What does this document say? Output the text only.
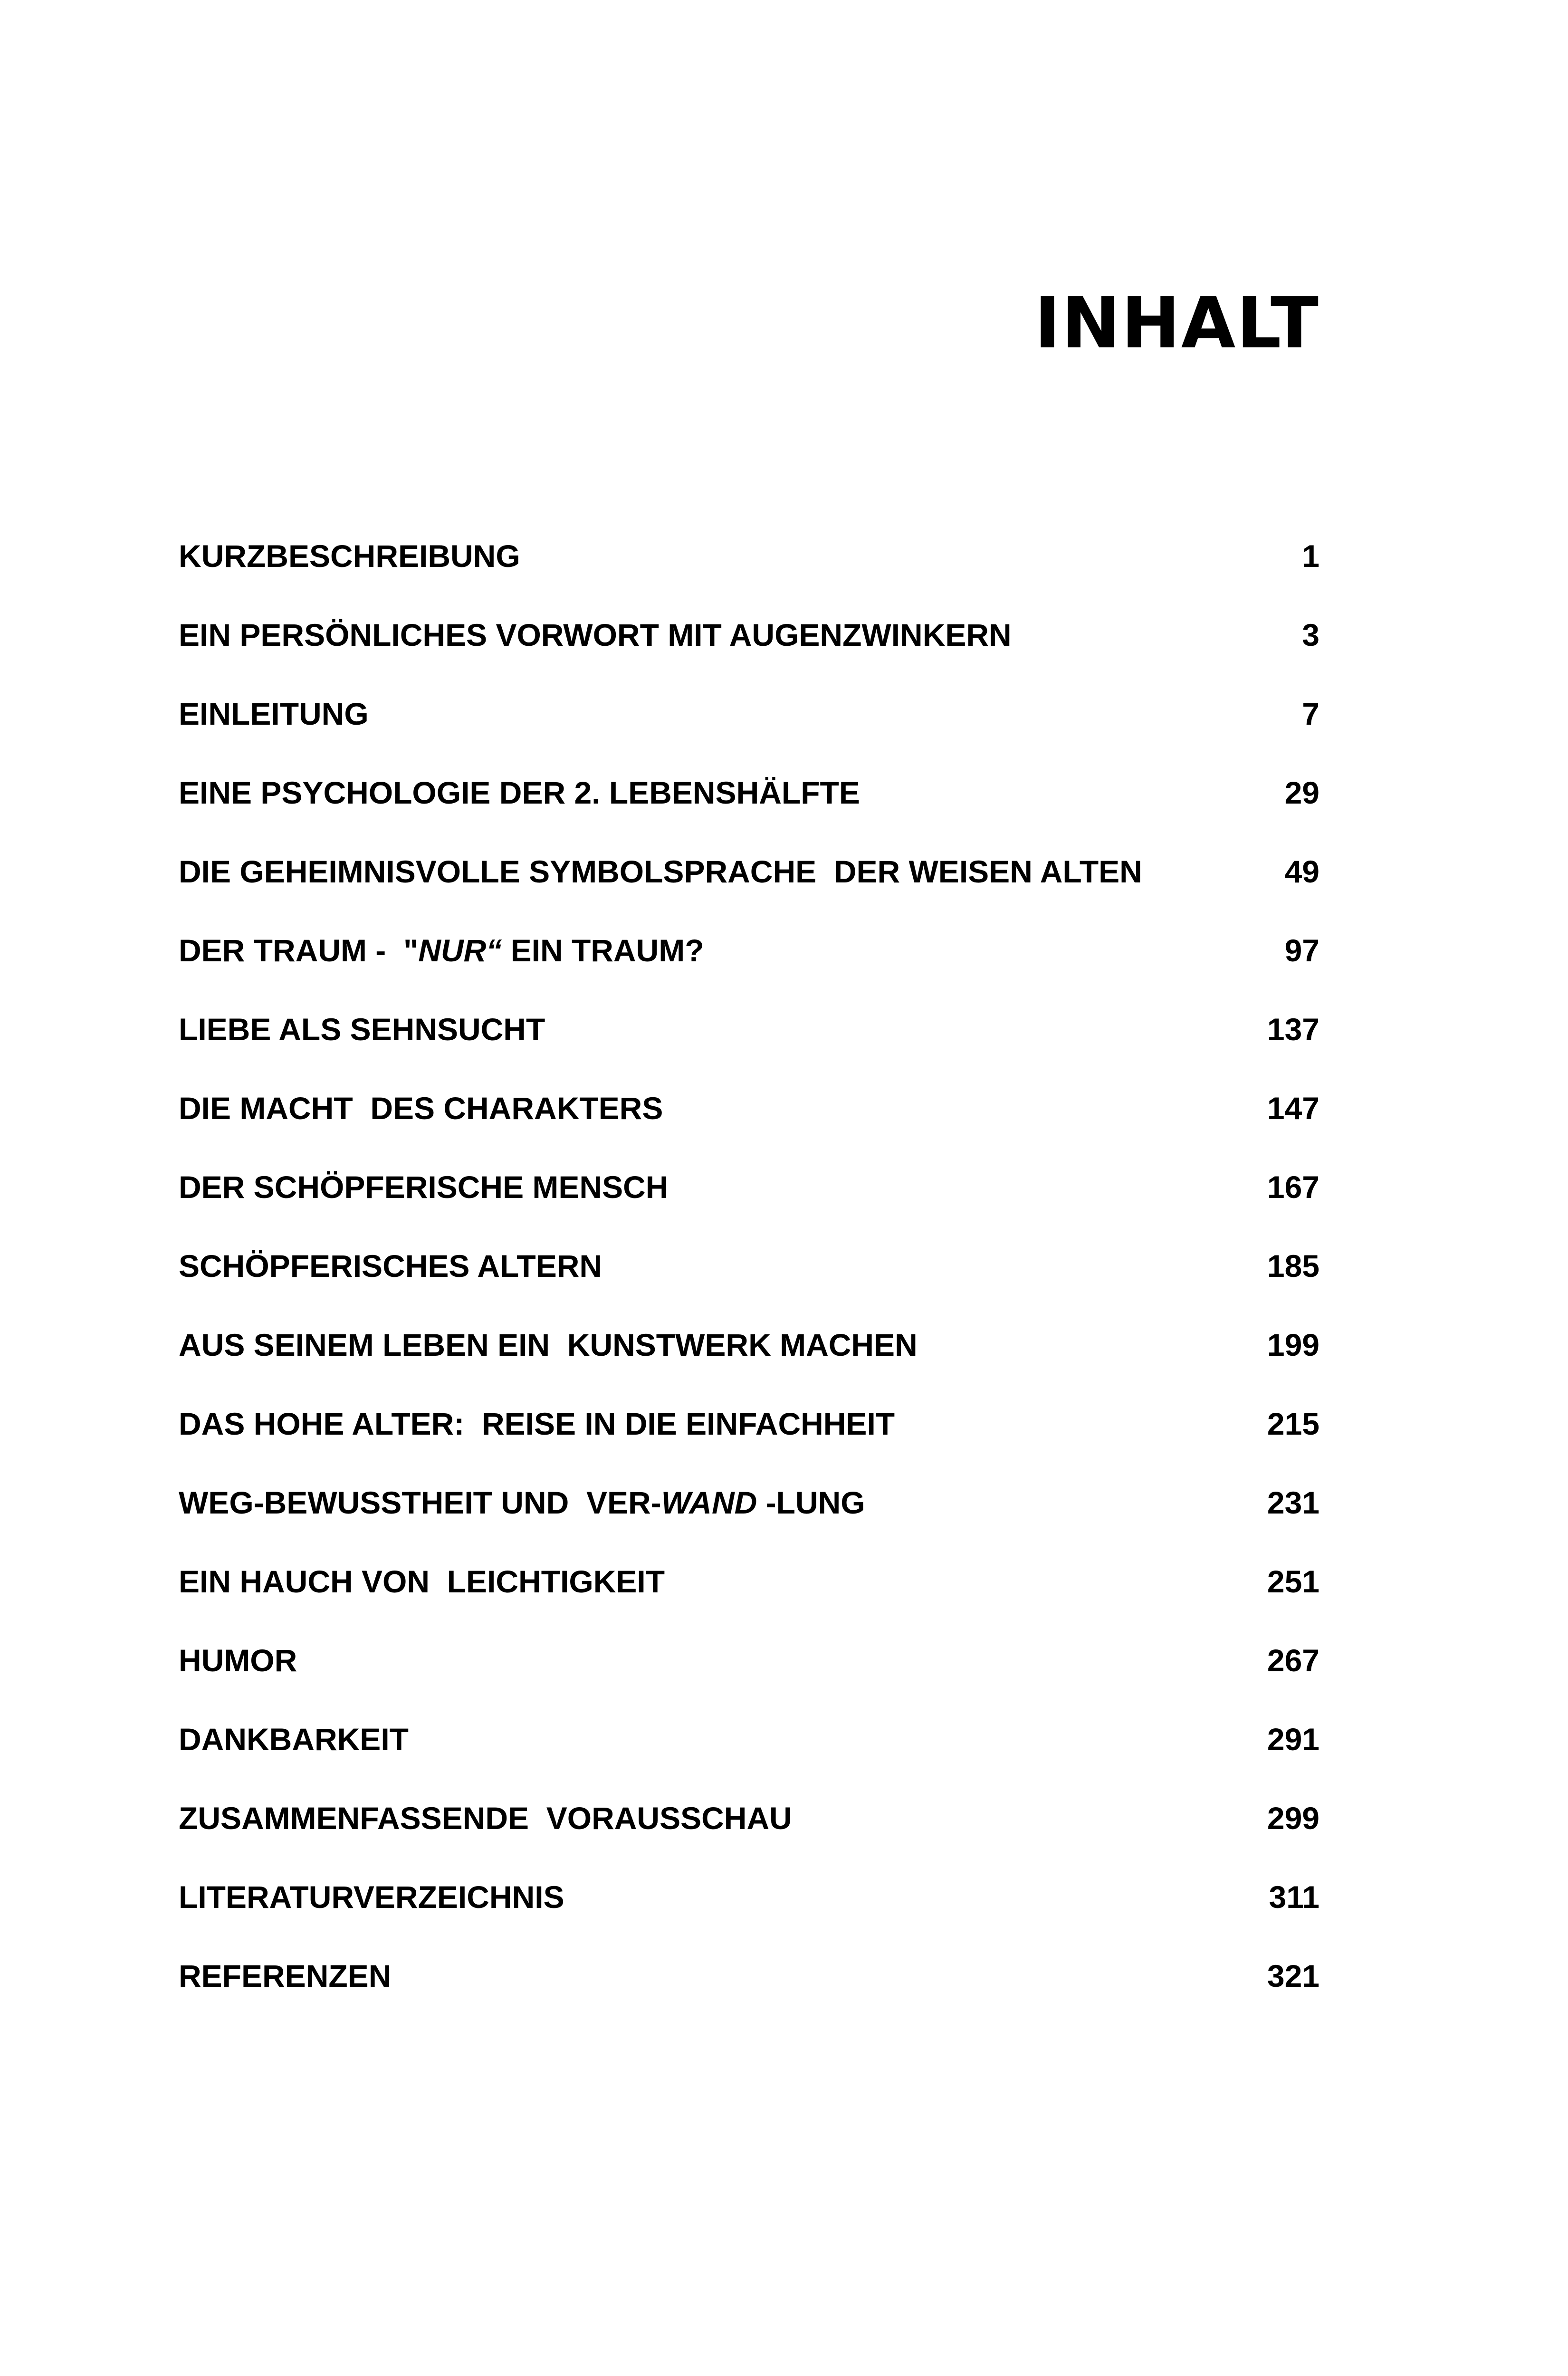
INHALT
KURZBESCHREIBUNG	1
EIN PERSÖNLICHES VORWORT MIT AUGENZWINKERN	3
EINLEITUNG	7
EINE PSYCHOLOGIE DER 2. LEBENSHÄLFTE	29
DIE GEHEIMNISVOLLE SYMBOLSPRACHE  DER WEISEN ALTEN	49
DER TRAUM -  "NUR“ EIN TRAUM?	97
LIEBE ALS SEHNSUCHT	137
DIE MACHT  DES CHARAKTERS	147
DER SCHÖPFERISCHE MENSCH	167
SCHÖPFERISCHES ALTERN	185
AUS SEINEM LEBEN EIN  KUNSTWERK MACHEN	199
DAS HOHE ALTER:  REISE IN DIE EINFACHHEIT	215
WEG-BEWUSSTHEIT UND  VER-WAND -LUNG	231
EIN HAUCH VON  LEICHTIGKEIT	251
HUMOR	267
DANKBARKEIT	291
ZUSAMMENFASSENDE  VORAUSSCHAU	299
LITERATURVERZEICHNIS	311
REFERENZEN	321
